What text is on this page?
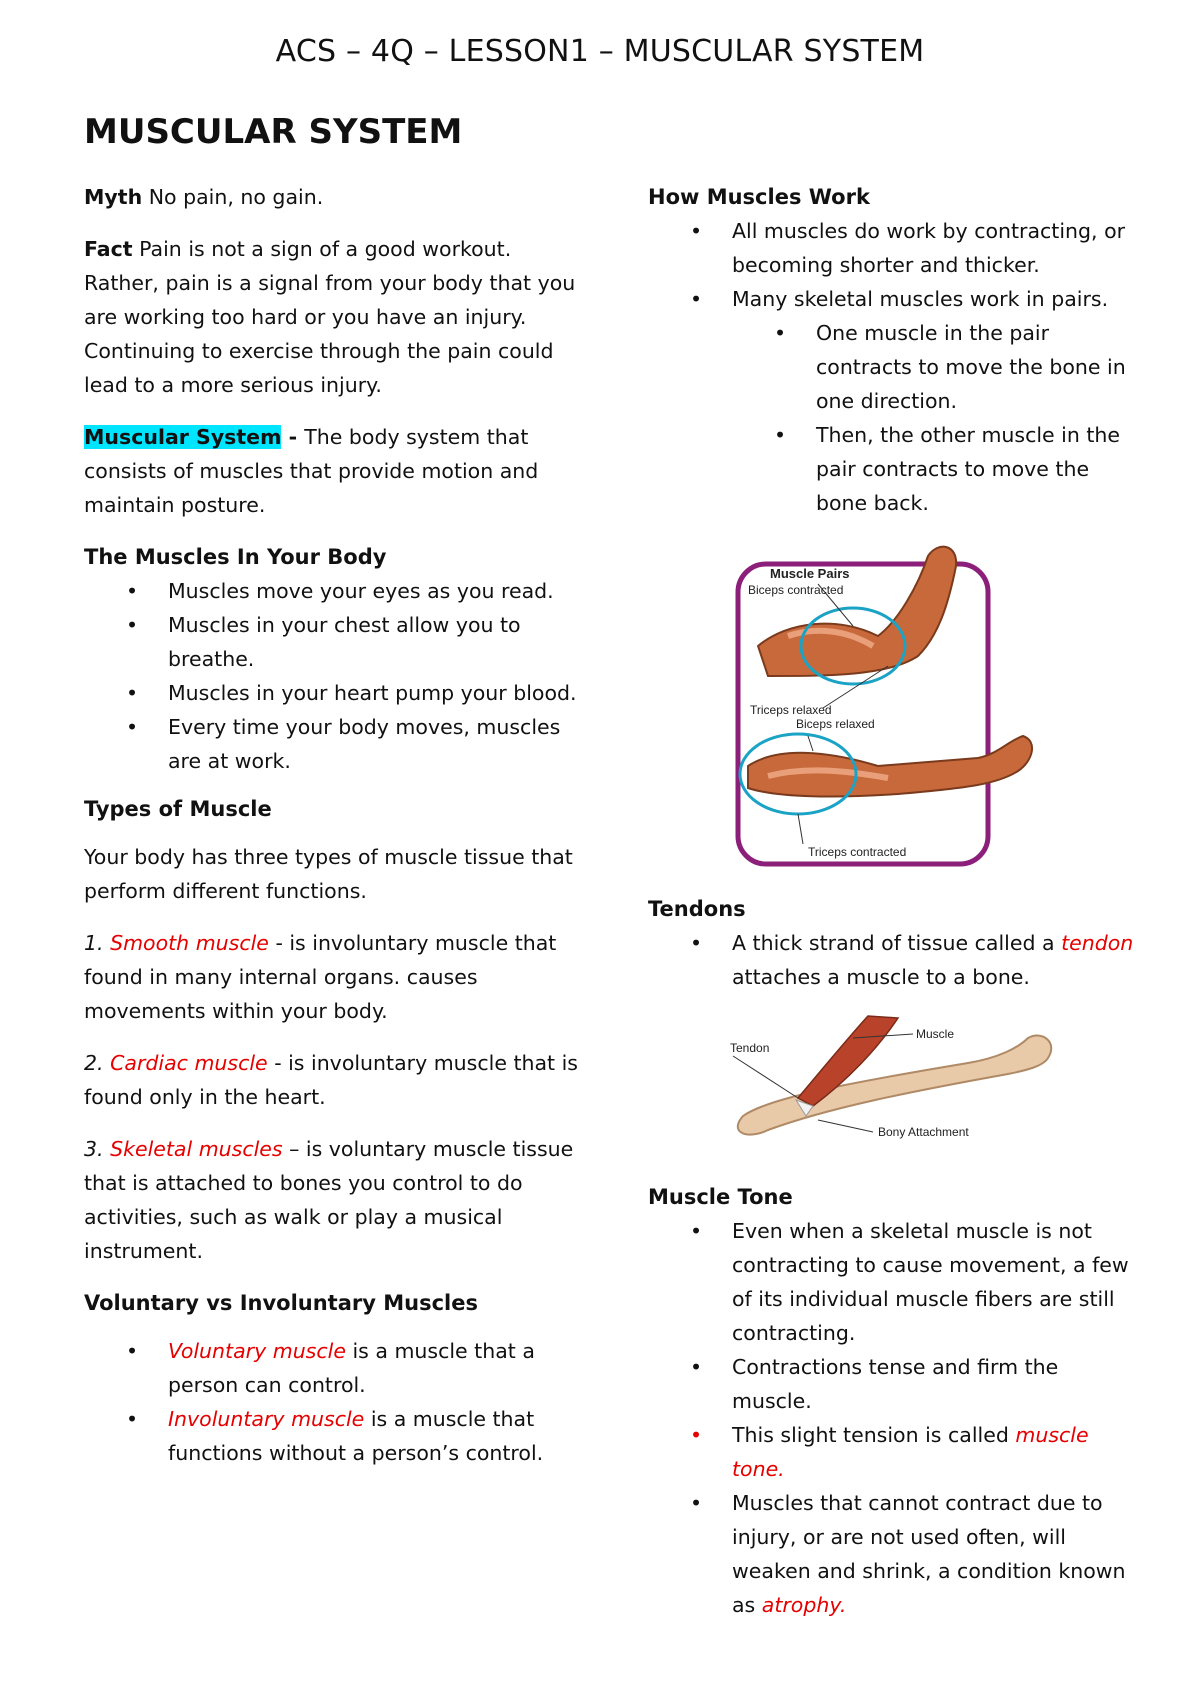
ACS – 4Q – LESSON1 – MUSCULAR SYSTEM
MUSCULAR SYSTEM

Myth No pain, no gain.

Fact Pain is not a sign of a good workout. Rather, pain is a signal from your body that you are working too hard or you have an injury. Continuing to exercise through the pain could lead to a more serious injury.

Muscular System - The body system that consists of muscles that provide motion and maintain posture.

The Muscles In Your Body
• Muscles move your eyes as you read.
• Muscles in your chest allow you to breathe.
• Muscles in your heart pump your blood.
• Every time your body moves, muscles are at work.
Types of Muscle

Your body has three types of muscle tissue that perform different functions.

1. Smooth muscle - is involuntary muscle that found in many internal organs. causes movements within your body.

2. Cardiac muscle - is involuntary muscle that is found only in the heart.

3. Skeletal muscles – is voluntary muscle tissue that is attached to bones you control to do activities, such as walk or play a musical instrument.

Voluntary vs Involuntary Muscles
• Voluntary muscle is a muscle that a person can control.
• Involuntary muscle is a muscle that functions without a person’s control.
How Muscles Work
• All muscles do work by contracting, or becoming shorter and thicker.
• Many skeletal muscles work in pairs.
• One muscle in the pair contracts to move the bone in one direction.
• Then, the other muscle in the pair contracts to move the bone back.
Muscle Pairs
Biceps contracted
Triceps relaxed
Biceps relaxed
Triceps contracted
Tendons
• A thick strand of tissue called a tendon attaches a muscle to a bone.
Tendon
Muscle
Bony Attachment
Muscle Tone
• Even when a skeletal muscle is not contracting to cause movement, a few of its individual muscle fibers are still contracting.
• Contractions tense and firm the muscle.
• This slight tension is called muscle tone.
• Muscles that cannot contract due to injury, or are not used often, will weaken and shrink, a condition known as atrophy.
